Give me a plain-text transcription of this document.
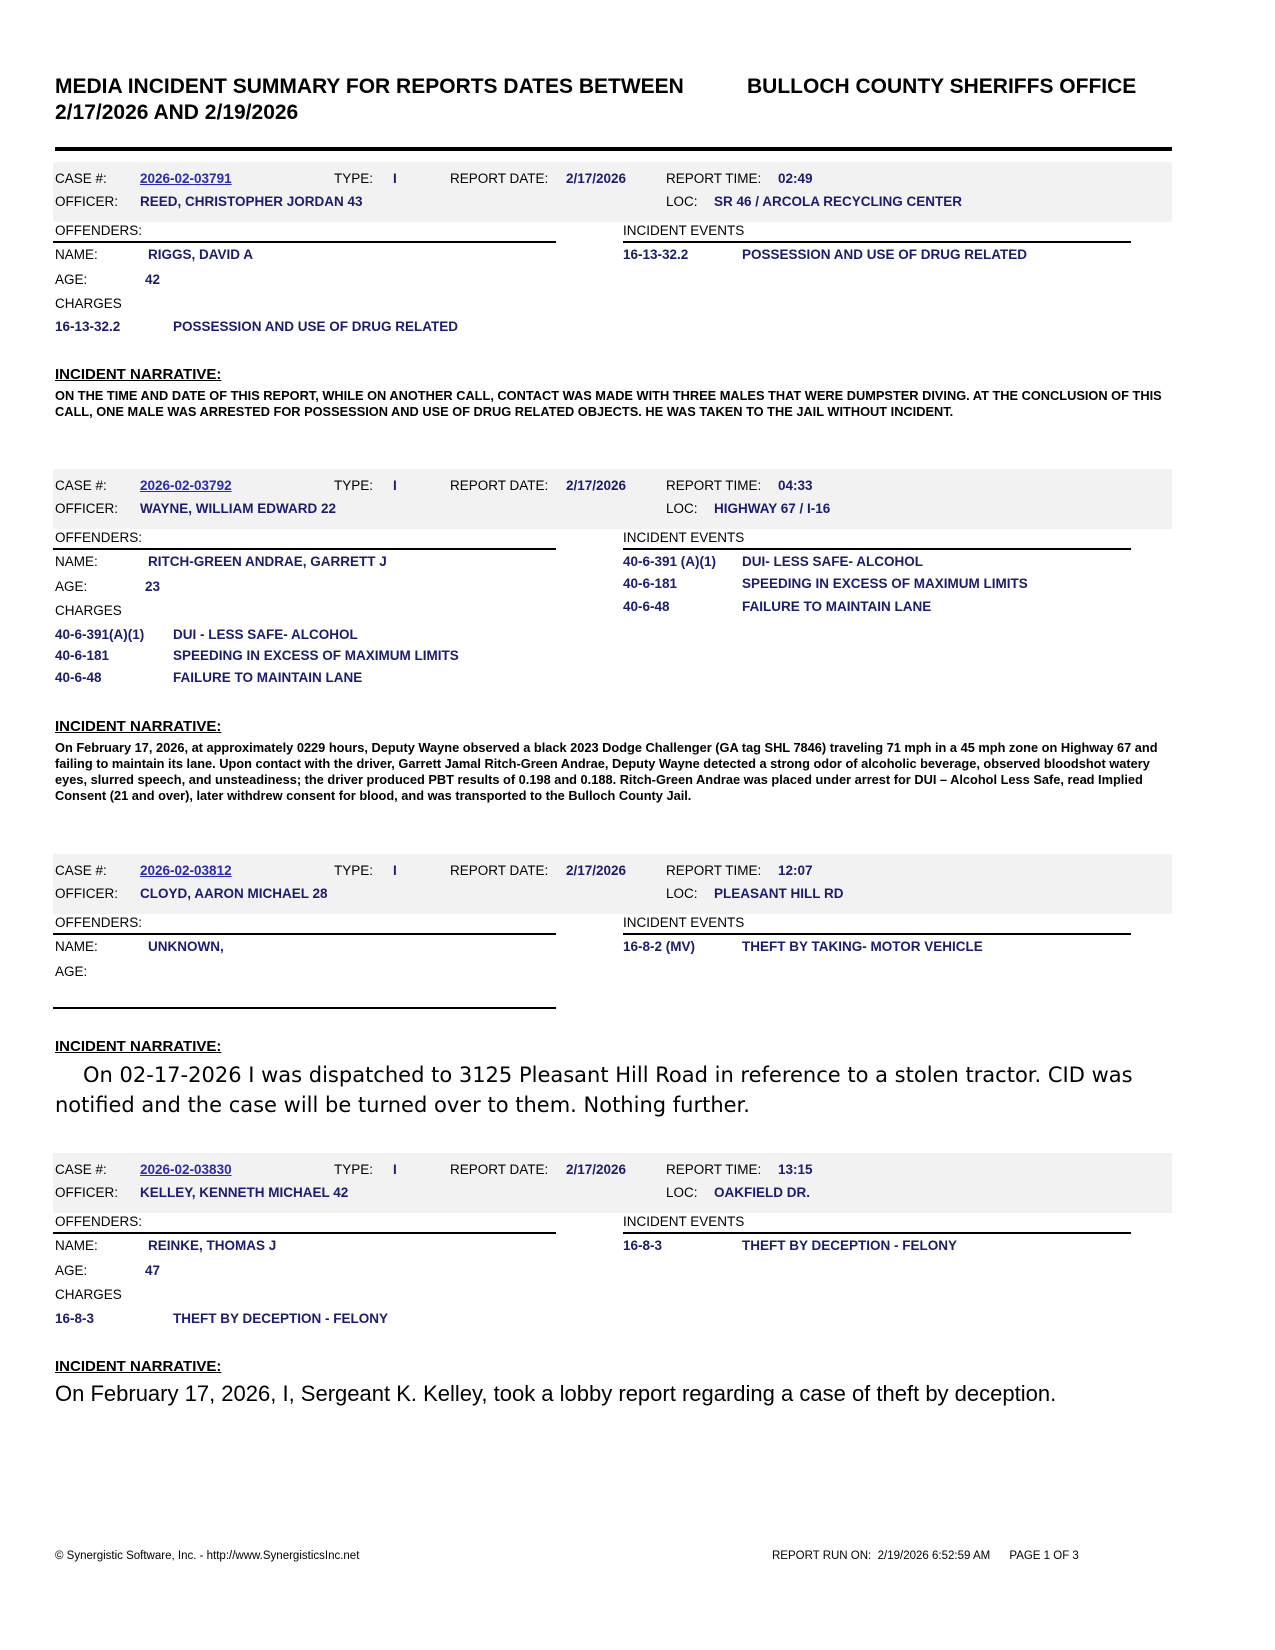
MEDIA INCIDENT SUMMARY FOR REPORTS DATES BETWEEN 2/17/2026 AND 2/19/2026
BULLOCH COUNTY SHERIFFS OFFICE
CASE #: 2026-02-03791	TYPE: I	REPORT DATE: 2/17/2026	REPORT TIME: 02:49
OFFICER: REED, CHRISTOPHER JORDAN 43	LOC: SR 46 / ARCOLA RECYCLING CENTER
OFFENDERS:	INCIDENT EVENTS
NAME:	RIGGS, DAVID A
AGE:	42
CHARGES
16-13-32.2	POSSESSION AND USE OF DRUG RELATED
16-13-32.2	POSSESSION AND USE OF DRUG RELATED
INCIDENT NARRATIVE:
ON THE TIME AND DATE OF THIS REPORT, WHILE ON ANOTHER CALL, CONTACT WAS MADE WITH THREE MALES THAT WERE DUMPSTER DIVING. AT THE CONCLUSION OF THIS CALL, ONE MALE WAS ARRESTED FOR POSSESSION AND USE OF DRUG RELATED OBJECTS. HE WAS TAKEN TO THE JAIL WITHOUT INCIDENT.
CASE #: 2026-02-03792	TYPE: I	REPORT DATE: 2/17/2026	REPORT TIME: 04:33
OFFICER: WAYNE, WILLIAM EDWARD 22	LOC: HIGHWAY 67 / I-16
OFFENDERS:	INCIDENT EVENTS
NAME:	RITCH-GREEN ANDRAE, GARRETT J
AGE:	23
CHARGES
40-6-391(A)(1) DUI - LESS SAFE- ALCOHOL
40-6-181	SPEEDING IN EXCESS OF MAXIMUM LIMITS
40-6-48	FAILURE TO MAINTAIN LANE
40-6-391 (A)(1) DUI- LESS SAFE- ALCOHOL
40-6-181	SPEEDING IN EXCESS OF MAXIMUM LIMITS
40-6-48	FAILURE TO MAINTAIN LANE
INCIDENT NARRATIVE:
On February 17, 2026, at approximately 0229 hours, Deputy Wayne observed a black 2023 Dodge Challenger (GA tag SHL 7846) traveling 71 mph in a 45 mph zone on Highway 67 and failing to maintain its lane. Upon contact with the driver, Garrett Jamal Ritch-Green Andrae, Deputy Wayne detected a strong odor of alcoholic beverage, observed bloodshot watery eyes, slurred speech, and unsteadiness; the driver produced PBT results of 0.198 and 0.188. Ritch-Green Andrae was placed under arrest for DUI – Alcohol Less Safe, read Implied Consent (21 and over), later withdrew consent for blood, and was transported to the Bulloch County Jail.
CASE #: 2026-02-03812	TYPE: I	REPORT DATE: 2/17/2026	REPORT TIME: 12:07
OFFICER: CLOYD, AARON MICHAEL 28	LOC: PLEASANT HILL RD
OFFENDERS:	INCIDENT EVENTS
NAME:	UNKNOWN,
AGE:
16-8-2 (MV)	THEFT BY TAKING- MOTOR VEHICLE
INCIDENT NARRATIVE:
On 02-17-2026 I was dispatched to 3125 Pleasant Hill Road in reference to a stolen tractor. CID was notified and the case will be turned over to them. Nothing further.
CASE #: 2026-02-03830	TYPE: I	REPORT DATE: 2/17/2026	REPORT TIME: 13:15
OFFICER: KELLEY, KENNETH MICHAEL 42	LOC: OAKFIELD DR.
OFFENDERS:	INCIDENT EVENTS
NAME:	REINKE, THOMAS J
AGE:	47
CHARGES
16-8-3	THEFT BY DECEPTION - FELONY
16-8-3	THEFT BY DECEPTION - FELONY
INCIDENT NARRATIVE:
On February 17, 2026, I, Sergeant K. Kelley, took a lobby report regarding a case of theft by deception.
© Synergistic Software, Inc. - http://www.SynergisticsInc.net	REPORT RUN ON: 2/19/2026 6:52:59 AM PAGE 1 OF 3
